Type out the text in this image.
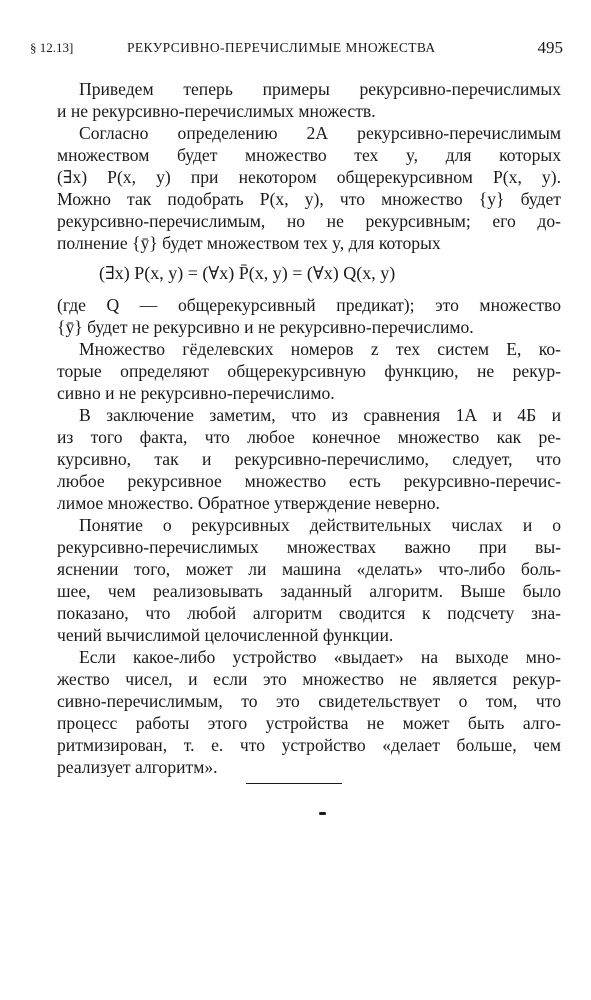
§ 12.13]	РЕКУРСИВНО-ПЕРЕЧИСЛИМЫЕ МНОЖЕСТВА	495
Приведем теперь примеры рекурсивно-перечислимых
и не рекурсивно-перечислимых множеств.
Согласно определению 2А рекурсивно-перечислимым
множеством будет множество тех y, для которых
(∃x) P(x, y) при некотором общерекурсивном P(x, y).
Можно так подобрать P(x, y), что множество {y} будет
рекурсивно-перечислимым, но не рекурсивным; его до-
полнение {ȳ} будет множеством тех y, для которых
(∃x) P(x, y) = (∀x) P̄(x, y) = (∀x) Q(x, y)
(где Q — общерекурсивный предикат); это множество
{ȳ} будет не рекурсивно и не рекурсивно-перечислимо.
Множество гёделевских номеров z тех систем E, ко-
торые определяют общерекурсивную функцию, не рекур-
сивно и не рекурсивно-перечислимо.
В заключение заметим, что из сравнения 1А и 4Б и
из того факта, что любое конечное множество как ре-
курсивно, так и рекурсивно-перечислимо, следует, что
любое рекурсивное множество есть рекурсивно-перечис-
лимое множество. Обратное утверждение неверно.
Понятие о рекурсивных действительных числах и о
рекурсивно-перечислимых множествах важно при вы-
яснении того, может ли машина «делать» что-либо боль-
шее, чем реализовывать заданный алгоритм. Выше было
показано, что любой алгоритм сводится к подсчету зна-
чений вычислимой целочисленной функции.
Если какое-либо устройство «выдает» на выходе мно-
жество чисел, и если это множество не является рекур-
сивно-перечислимым, то это свидетельствует о том, что
процесс работы этого устройства не может быть алго-
ритмизирован, т. е. что устройство «делает больше, чем
реализует алгоритм».
